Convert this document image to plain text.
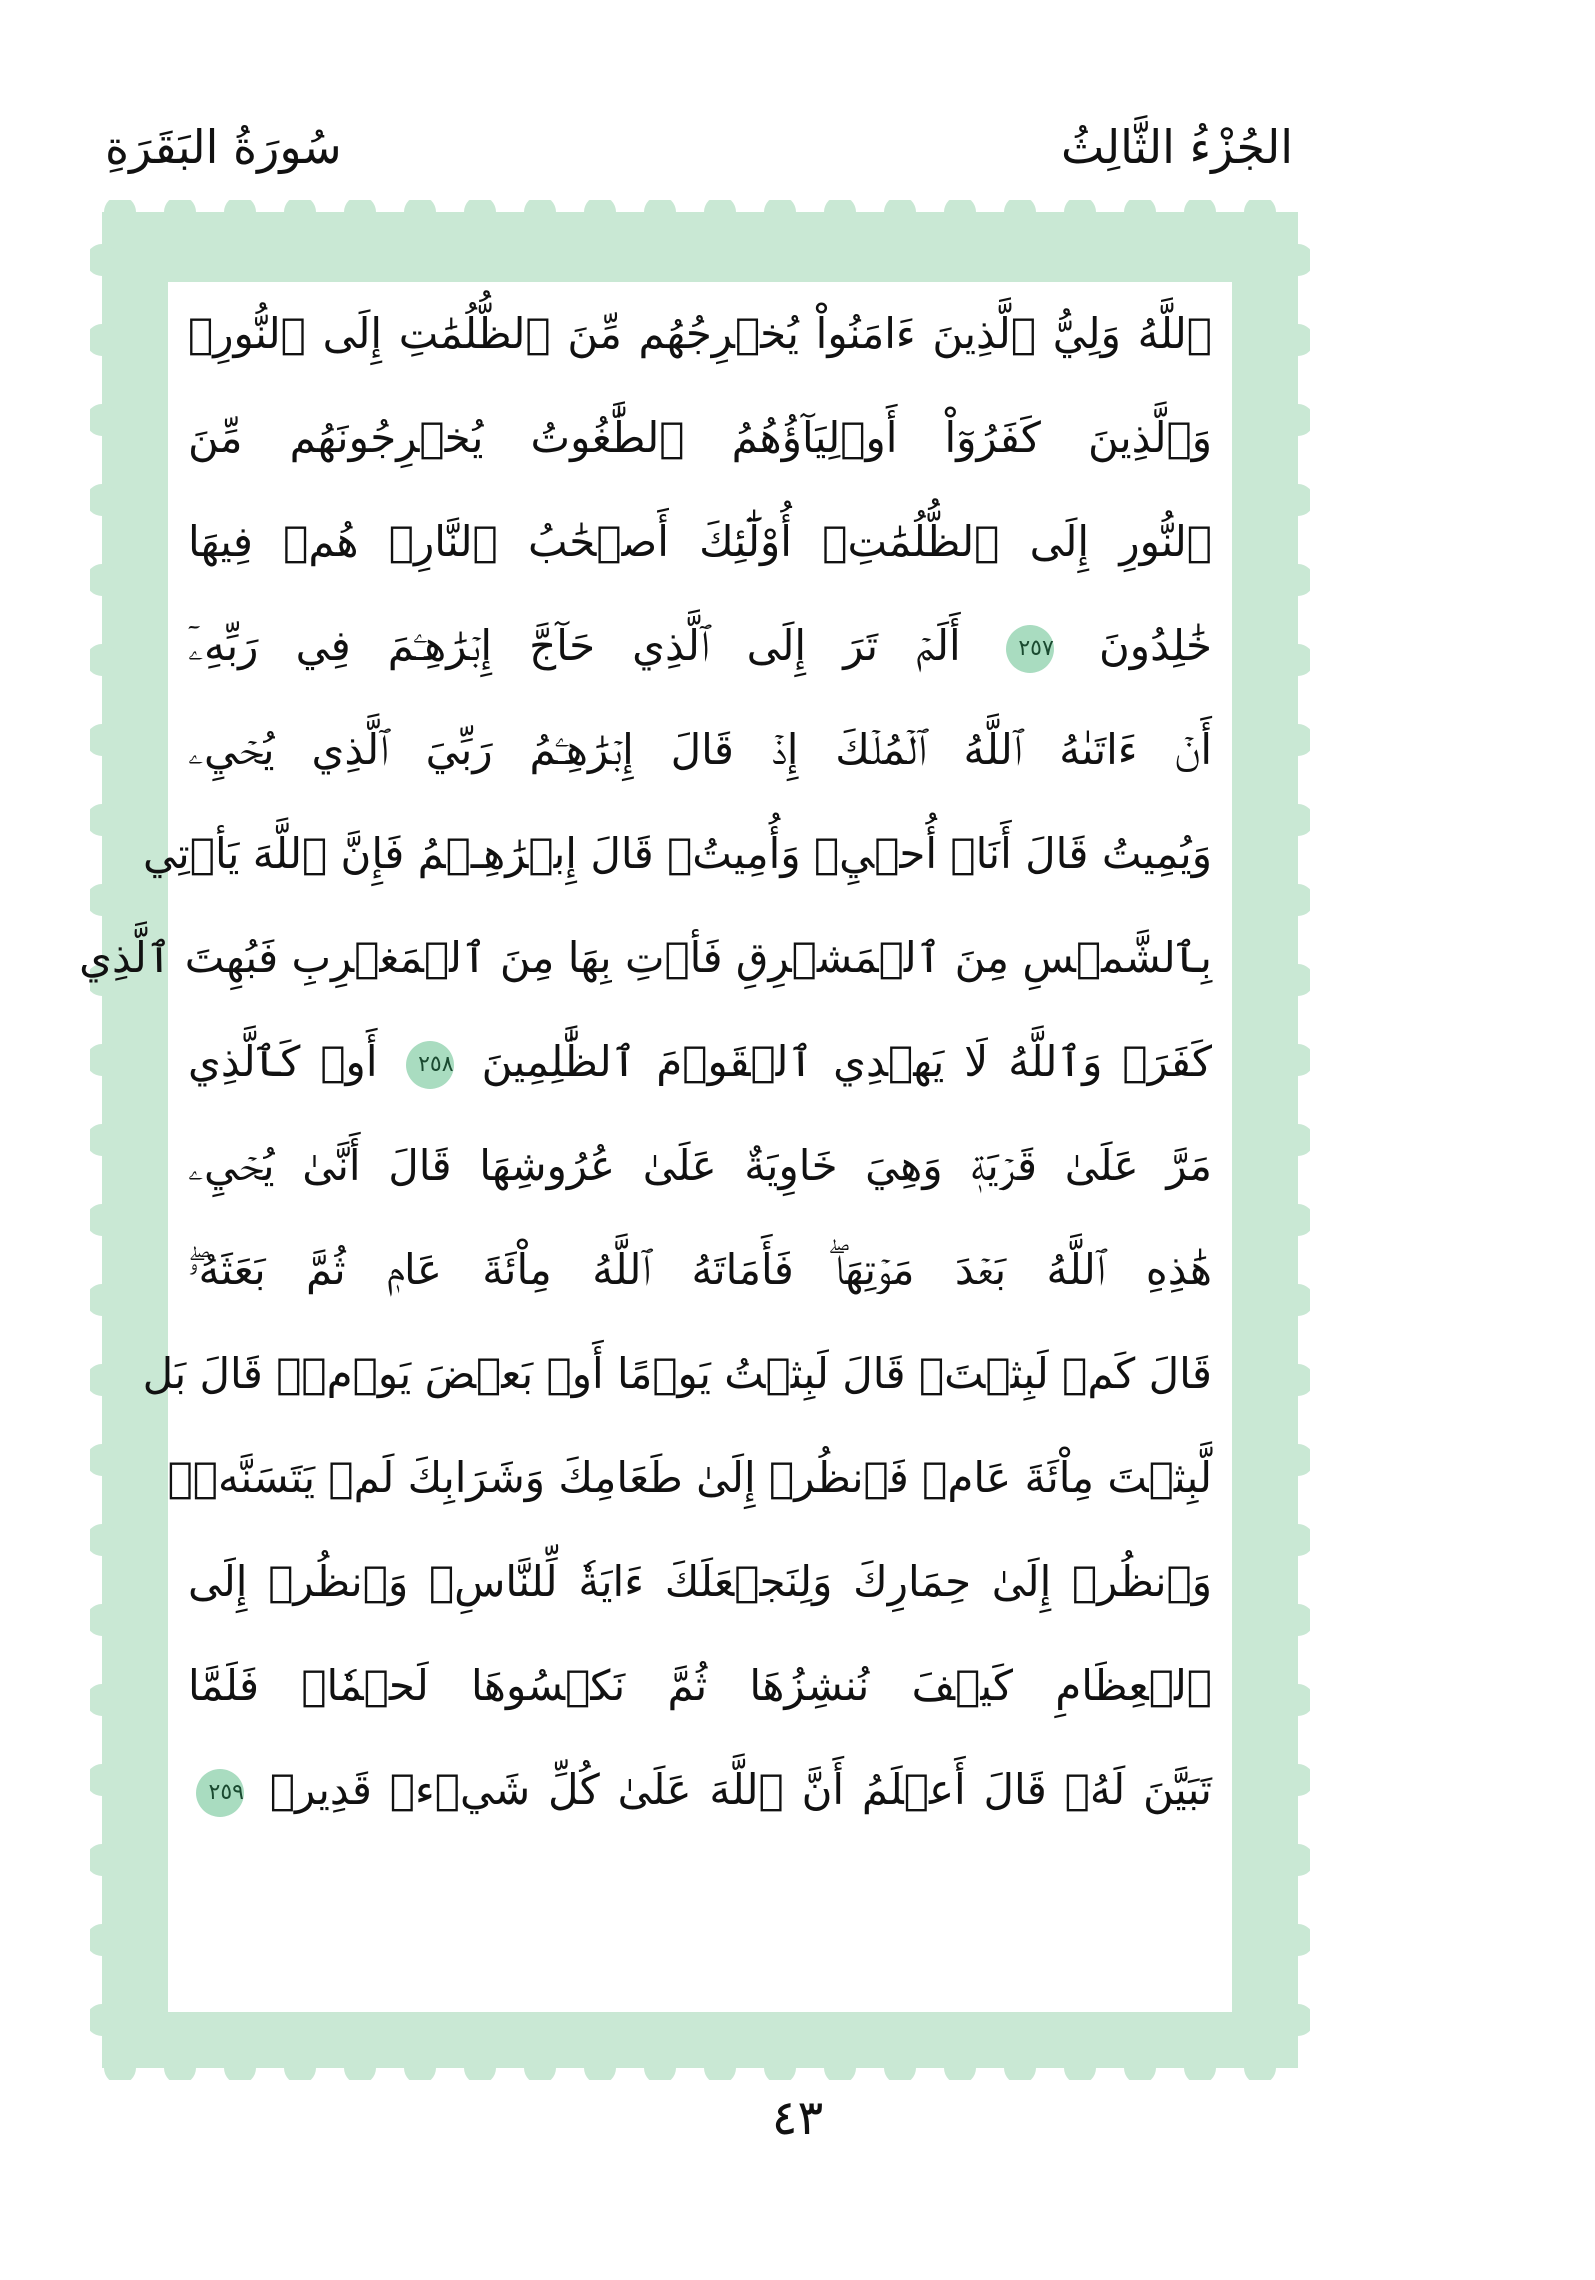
الجُزْءُ الثَّالِثُ
سُورَةُ البَقَرَةِ
ٱللَّهُ وَلِيُّ ٱلَّذِينَ ءَامَنُواْ يُخۡرِجُهُم مِّنَ ٱلظُّلُمَٰتِ إِلَى ٱلنُّورِۖ
وَٱلَّذِينَ كَفَرُوٓاْ أَوۡلِيَآؤُهُمُ ٱلطَّٰغُوتُ يُخۡرِجُونَهُم مِّنَ
ٱلنُّورِ إِلَى ٱلظُّلُمَٰتِۗ أُوْلَٰٓئِكَ أَصۡحَٰبُ ٱلنَّارِۖ هُمۡ فِيهَا
خَٰلِدُونَ ٢٥٧ أَلَمۡ تَرَ إِلَى ٱلَّذِي حَآجَّ إِبۡرَٰهِـۧمَ فِي رَبِّهِۦٓ
أَنۡ ءَاتَىٰهُ ٱللَّهُ ٱلۡمُلۡكَ إِذۡ قَالَ إِبۡرَٰهِـۧمُ رَبِّيَ ٱلَّذِي يُحۡيِۦ
وَيُمِيتُ قَالَ أَنَا۠ أُحۡيِۦ وَأُمِيتُۖ قَالَ إِبۡرَٰهِـۧمُ فَإِنَّ ٱللَّهَ يَأۡتِي
بِٱلشَّمۡسِ مِنَ ٱلۡمَشۡرِقِ فَأۡتِ بِهَا مِنَ ٱلۡمَغۡرِبِ فَبُهِتَ ٱلَّذِي
كَفَرَۗ وَٱللَّهُ لَا يَهۡدِي ٱلۡقَوۡمَ ٱلظَّٰلِمِينَ ٢٥٨ أَوۡ كَٱلَّذِي
مَرَّ عَلَىٰ قَرۡيَةٖ وَهِيَ خَاوِيَةٌ عَلَىٰ عُرُوشِهَا قَالَ أَنَّىٰ يُحۡيِۦ
هَٰذِهِ ٱللَّهُ بَعۡدَ مَوۡتِهَاۖ فَأَمَاتَهُ ٱللَّهُ مِاْئَةَ عَامٖ ثُمَّ بَعَثَهُۥۖ
قَالَ كَمۡ لَبِثۡتَۖ قَالَ لَبِثۡتُ يَوۡمًا أَوۡ بَعۡضَ يَوۡمٖۖ قَالَ بَل
لَّبِثۡتَ مِاْئَةَ عَامٖ فَٱنظُرۡ إِلَىٰ طَعَامِكَ وَشَرَابِكَ لَمۡ يَتَسَنَّهۡۖ
وَٱنظُرۡ إِلَىٰ حِمَارِكَ وَلِنَجۡعَلَكَ ءَايَةٗ لِّلنَّاسِۖ وَٱنظُرۡ إِلَى
ٱلۡعِظَامِ كَيۡفَ نُنشِزُهَا ثُمَّ نَكۡسُوهَا لَحۡمٗاۚ فَلَمَّا
تَبَيَّنَ لَهُۥ قَالَ أَعۡلَمُ أَنَّ ٱللَّهَ عَلَىٰ كُلِّ شَيۡءٖ قَدِيرٞ ٢٥٩
٤٣
